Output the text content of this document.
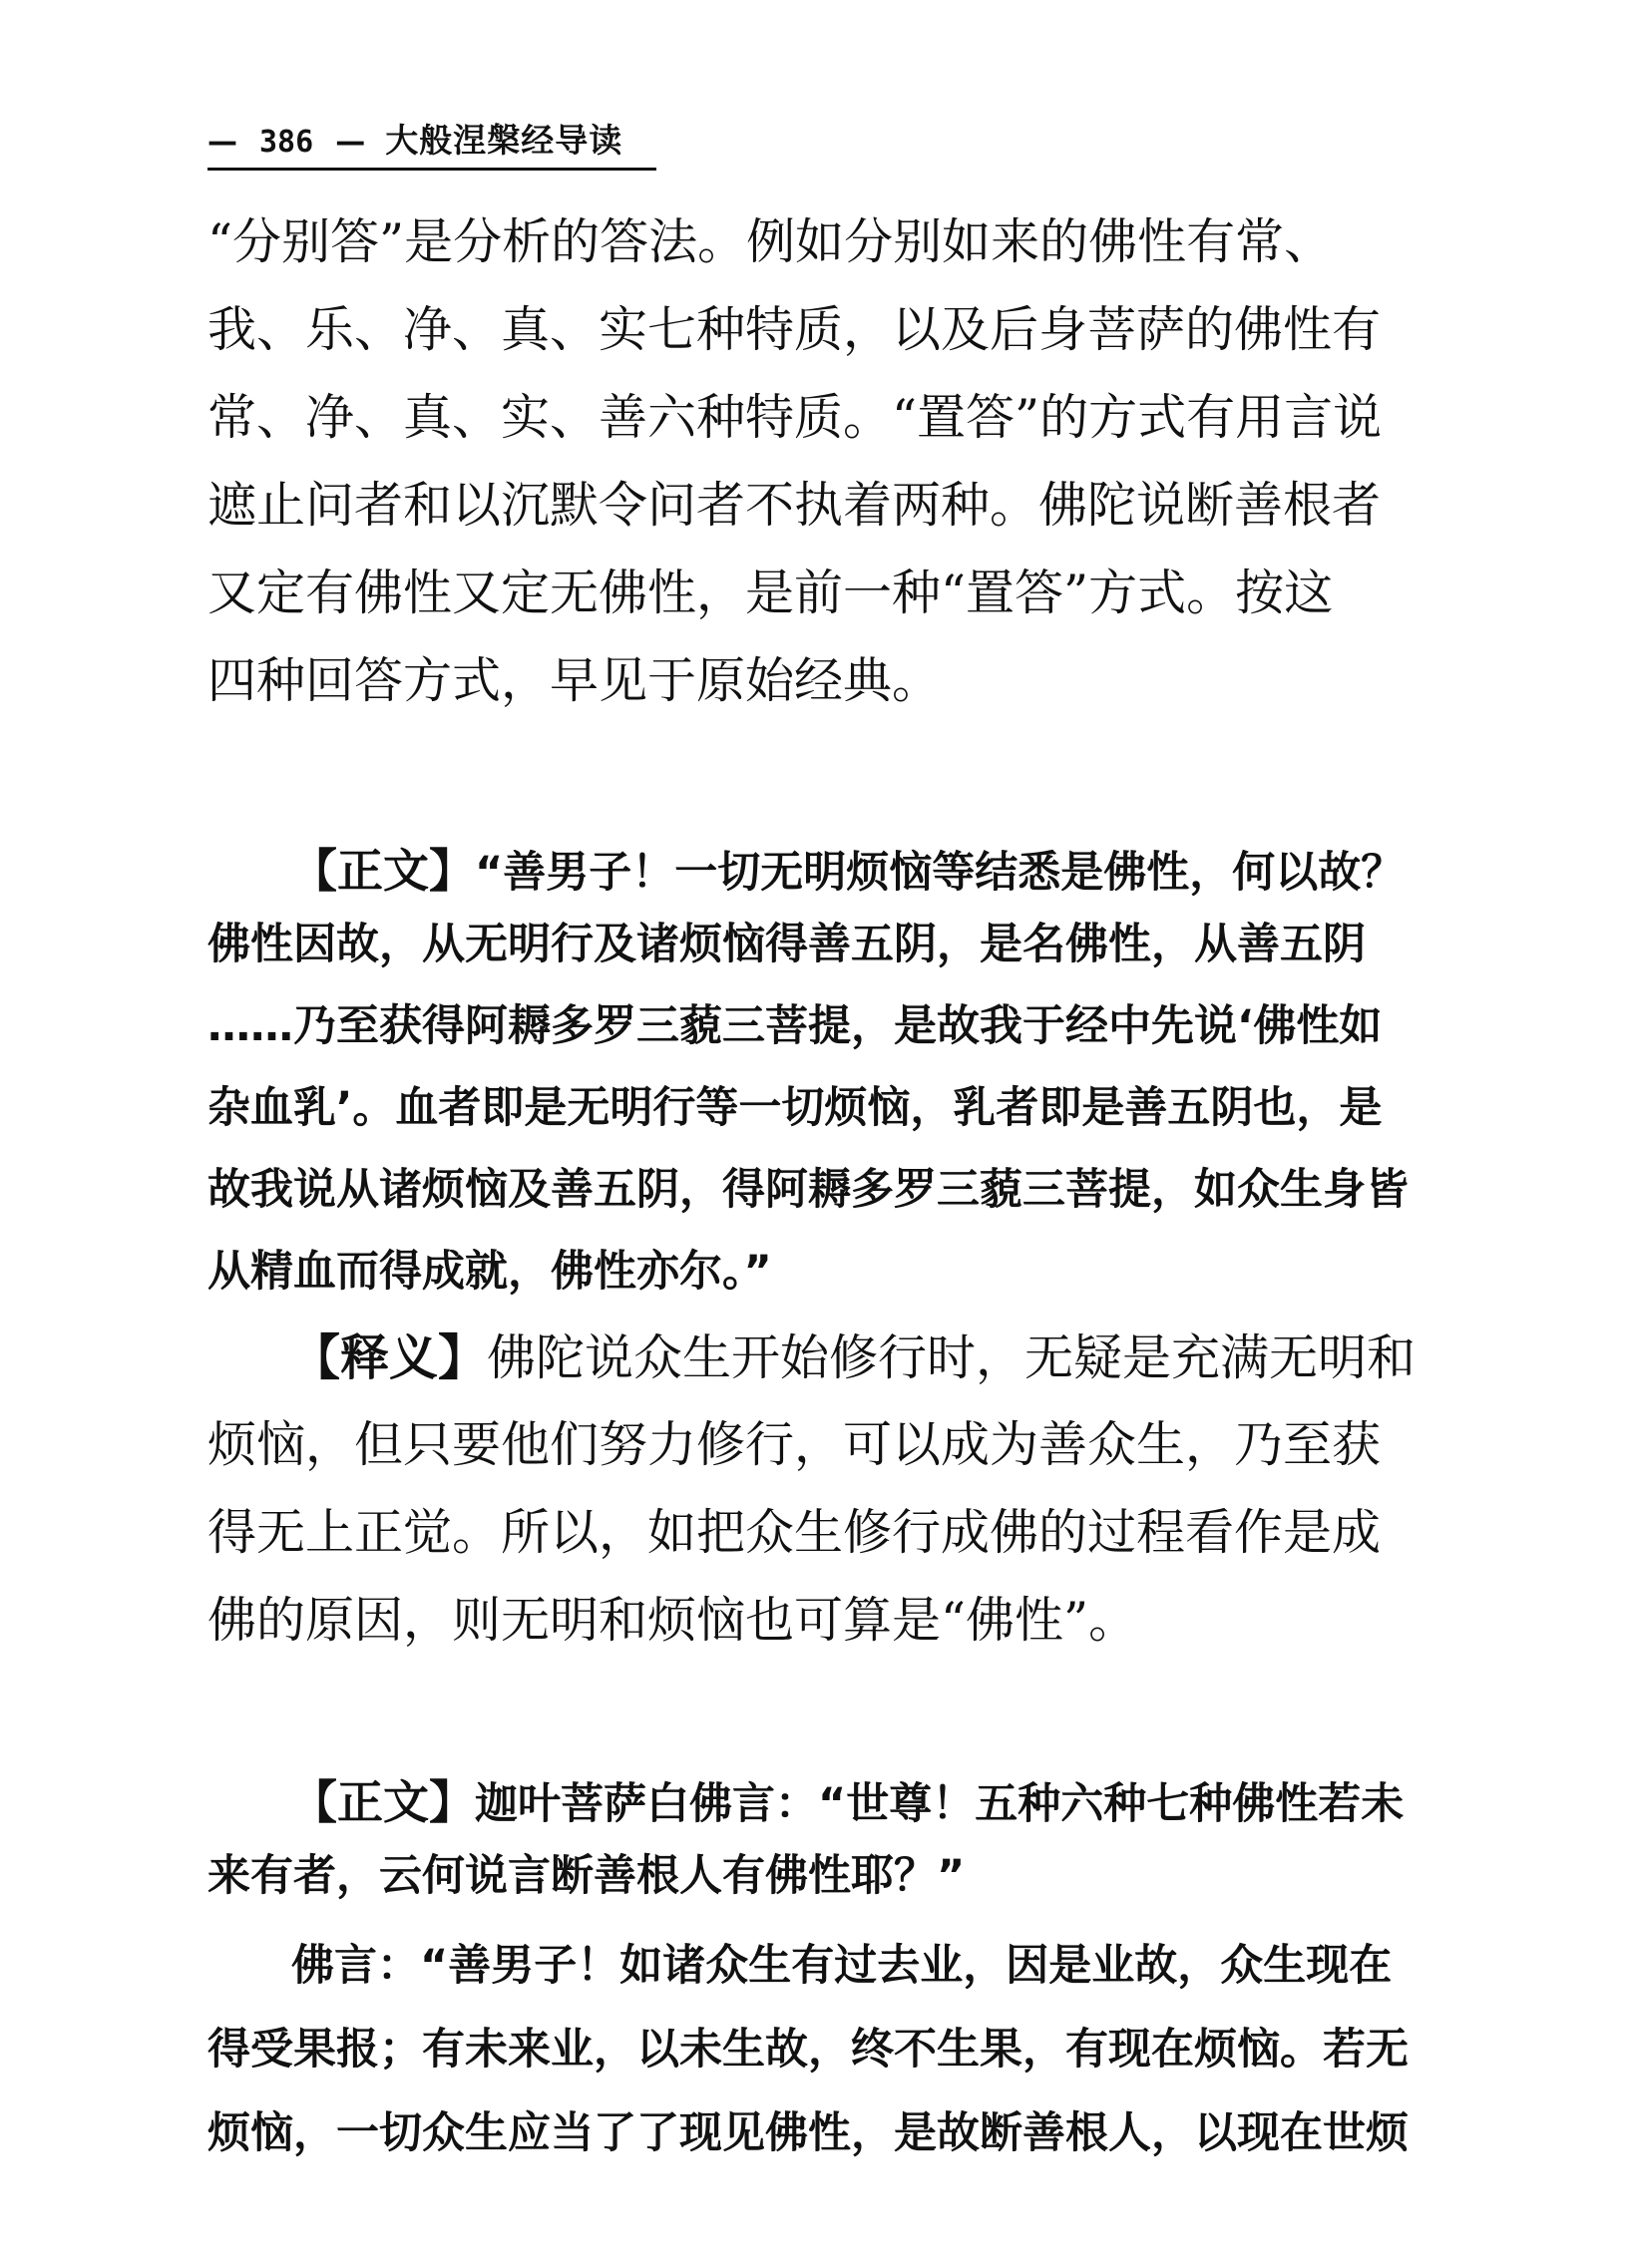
— 386 — 大般涅槃经导读
“分别答”是分析的答法。例如分别如来的佛性有常、
我、乐、净、真、实七种特质，以及后身菩萨的佛性有
常、净、真、实、善六种特质。“置答”的方式有用言说
遮止问者和以沉默令问者不执着两种。佛陀说断善根者
又定有佛性又定无佛性，是前一种“置答”方式。按这
四种回答方式，早见于原始经典。
【正文】“善男子！一切无明烦恼等结悉是佛性，何以故？
佛性因故，从无明行及诸烦恼得善五阴，是名佛性，从善五阴
……乃至获得阿耨多罗三藐三菩提，是故我于经中先说‘佛性如
杂血乳’。血者即是无明行等一切烦恼，乳者即是善五阴也，是
故我说从诸烦恼及善五阴，得阿耨多罗三藐三菩提，如众生身皆
从精血而得成就，佛性亦尔。”
【释义】佛陀说众生开始修行时，无疑是充满无明和
烦恼，但只要他们努力修行，可以成为善众生，乃至获
得无上正觉。所以，如把众生修行成佛的过程看作是成
佛的原因，则无明和烦恼也可算是“佛性”。
【正文】迦叶菩萨白佛言：“世尊！五种六种七种佛性若未
来有者，云何说言断善根人有佛性耶？”
佛言：“善男子！如诸众生有过去业，因是业故，众生现在
得受果报；有未来业，以未生故，终不生果，有现在烦恼。若无
烦恼，一切众生应当了了现见佛性，是故断善根人，以现在世烦
